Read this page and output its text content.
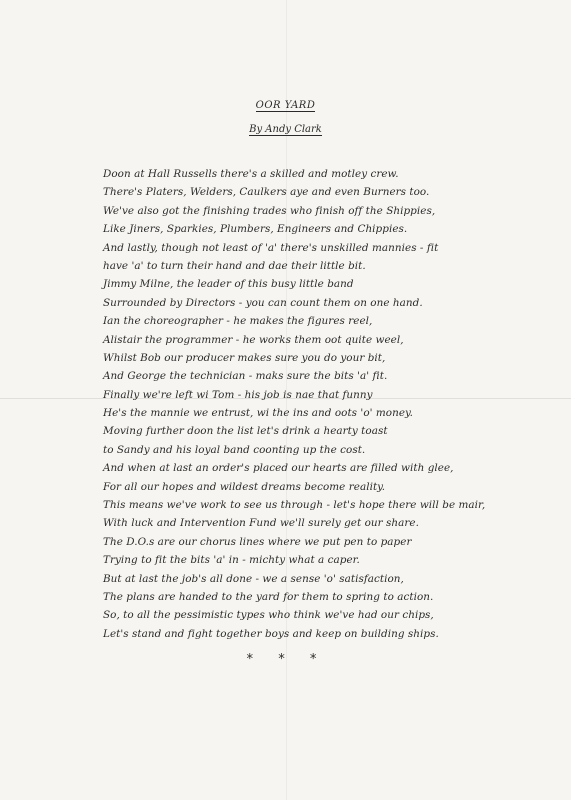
OOR YARD
By Andy Clark
Doon at Hall Russells there's a skilled and motley crew.
There's Platers, Welders, Caulkers aye and even Burners too.
We've also got the finishing trades who finish off the Shippies,
Like Jiners, Sparkies, Plumbers, Engineers and Chippies.
And lastly, though not least of 'a' there's unskilled mannies - fit
have 'a' to turn their hand and dae their little bit.
Jimmy Milne, the leader of this busy little band
Surrounded by Directors - you can count them on one hand.
Ian the choreographer - he makes the figures reel,
Alistair the programmer - he works them oot quite weel,
Whilst Bob our producer makes sure you do your bit,
And George the technician - maks sure the bits 'a' fit.
Finally we're left wi Tom - his job is nae that funny
He's the mannie we entrust, wi the ins and oots 'o' money.
Moving further doon the list let's drink a hearty toast
to Sandy and his loyal band coonting up the cost.
And when at last an order's placed our hearts are filled with glee,
For all our hopes and wildest dreams become reality.
This means we've work to see us through - let's hope there will be mair,
With luck and Intervention Fund we'll surely get our share.
The D.O.s are our chorus lines where we put pen to paper
Trying to fit the bits 'a' in - michty what a caper.
But at last the job's all done - we a sense 'o' satisfaction,
The plans are handed to the yard for them to spring to action.
So, to all the pessimistic types who think we've had our chips,
Let's stand and fight together boys and keep on building ships.
* * *
